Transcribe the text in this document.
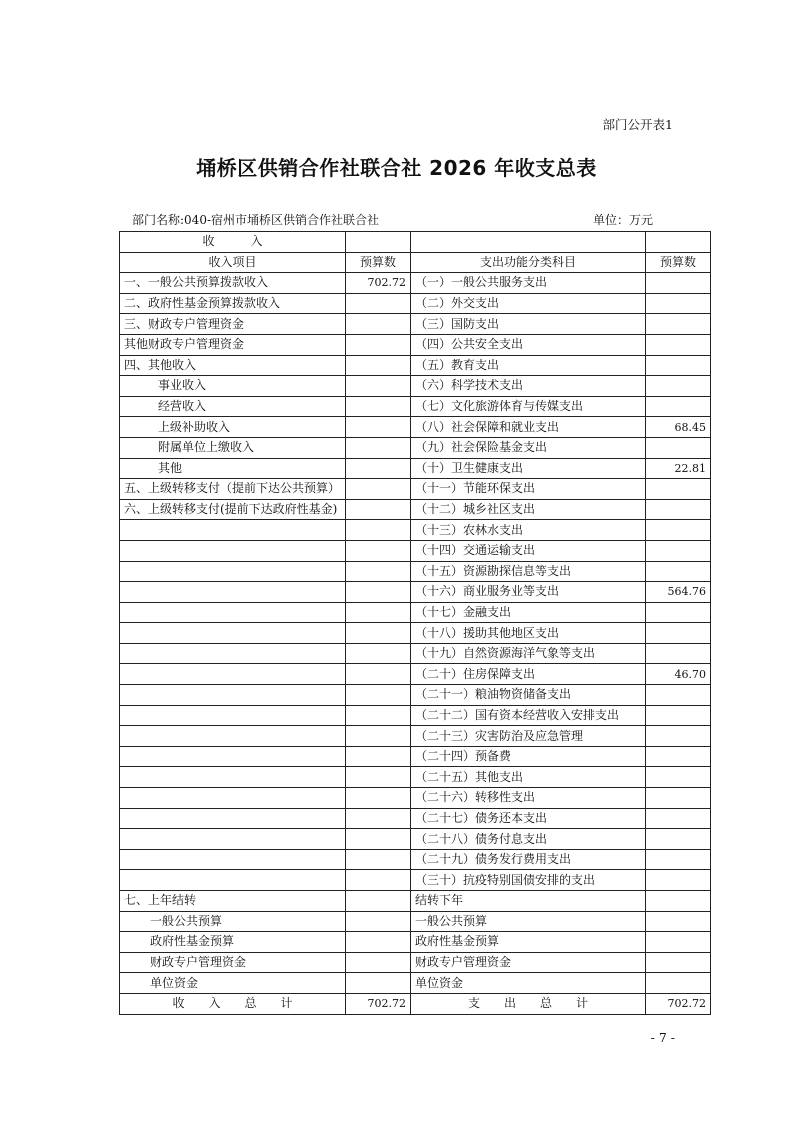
部门公开表1
埇桥区供销合作社联合社 2026 年收支总表
部门名称:040-宿州市埇桥区供销合作社联合社	单位：万元
收　　　入			
收入项目	预算数	支出功能分类科目	预算数
一、一般公共预算拨款收入	702.72	（一）一般公共服务支出	
二、政府性基金预算拨款收入		（二）外交支出	
三、财政专户管理资金		（三）国防支出	
其他财政专户管理资金		（四）公共安全支出	
四、其他收入		（五）教育支出	
事业收入		（六）科学技术支出	
经营收入		（七）文化旅游体育与传媒支出	
上级补助收入		（八）社会保障和就业支出	68.45
附属单位上缴收入		（九）社会保险基金支出	
其他		（十）卫生健康支出	22.81
五、上级转移支付（提前下达公共预算）		（十一）节能环保支出	
六、上级转移支付(提前下达政府性基金)		（十二）城乡社区支出	
		（十三）农林水支出	
		（十四）交通运输支出	
		（十五）资源勘探信息等支出	
		（十六）商业服务业等支出	564.76
		（十七）金融支出	
		（十八）援助其他地区支出	
		（十九）自然资源海洋气象等支出	
		（二十）住房保障支出	46.70
		（二十一）粮油物资储备支出	
		（二十二）国有资本经营收入安排支出	
		（二十三）灾害防治及应急管理	
		（二十四）预备费	
		（二十五）其他支出	
		（二十六）转移性支出	
		（二十七）债务还本支出	
		（二十八）债务付息支出	
		（二十九）债务发行费用支出	
		（三十）抗疫特别国债安排的支出	
七、上年结转		结转下年	
一般公共预算		一般公共预算	
政府性基金预算		政府性基金预算	
财政专户管理资金		财政专户管理资金	
单位资金		单位资金	
收　　入　　总　　计	702.72	支　　出　　总　　计	702.72
- 7 -
